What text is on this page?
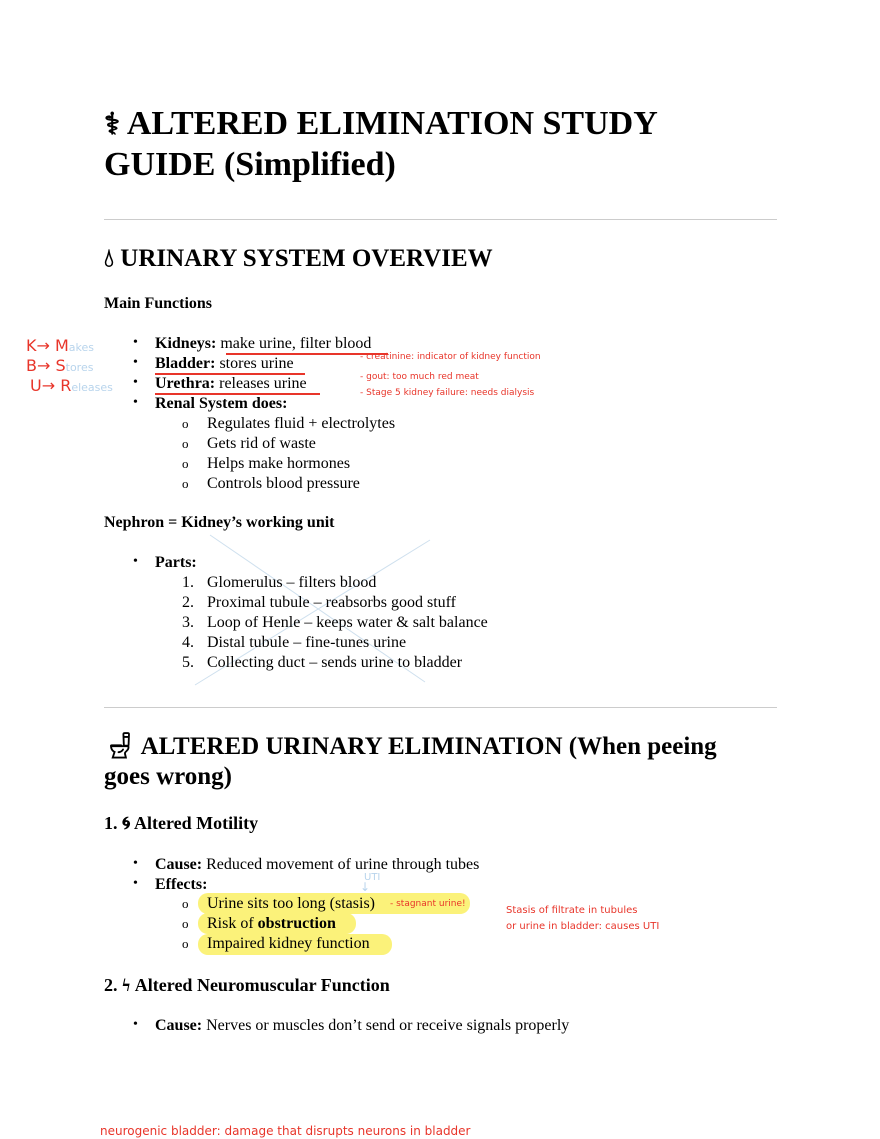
⚕ ALTERED ELIMINATION STUDY GUIDE (Simplified)
💧︎ URINARY SYSTEM OVERVIEW
Main Functions
Nephron = Kidney’s working unit
• Parts:
🚽︎ ALTERED URINARY ELIMINATION (When peeing goes wrong)
1. 🌀︎ Altered Motility
• Cause: Reduced movement of urine through tubes
• Effects:
2. ϟ Altered Neuromuscular Function
• Cause: Nerves or muscles don’t send or receive signals properly
- creatinine: indicator of kidney function
- gout: too much red meat
- Stage 5 kidney failure: needs dialysis
UTI
↓
- stagnant urine!
Stasis of filtrate in tubules
or urine in bladder: causes UTI
neurogenic bladder: damage that disrupts neurons in bladder
• Kidneys: make urine, filter blood
• Bladder: stores urine
• Urethra: releases urine
• Renal System does:
o Regulates fluid + electrolytes
o Gets rid of waste
o Helps make hormones
o Controls blood pressure
1. Glomerulus – filters blood
2. Proximal tubule – reabsorbs good stuff
3. Loop of Henle – keeps water & salt balance
4. Distal tubule – fine-tunes urine
5. Collecting duct – sends urine to bladder
o Urine sits too long (stasis)
o Risk of obstruction
o Impaired kidney function
K→ Makes
B→ Stores
U→ Releases
